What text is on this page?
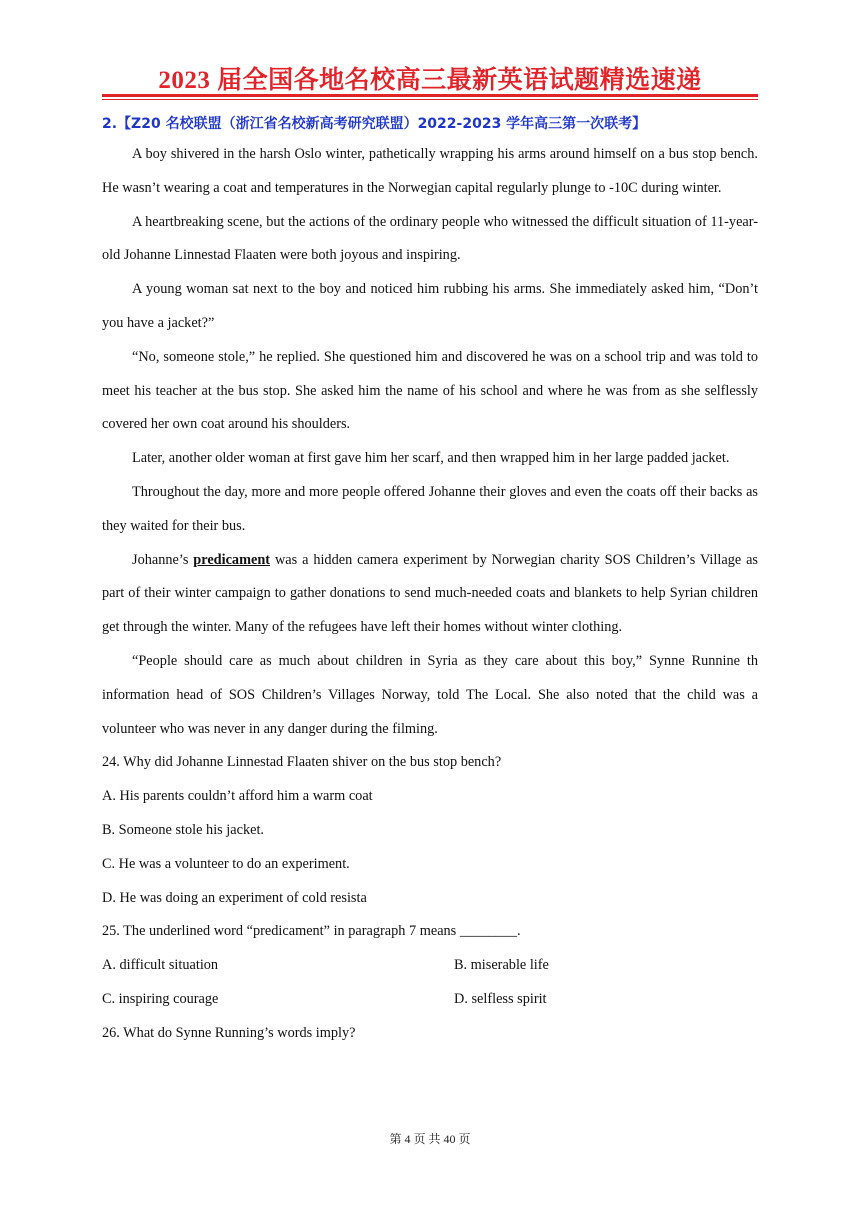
2023 届全国各地名校高三最新英语试题精选速递
2.【Z20 名校联盟（浙江省名校新高考研究联盟）2022-2023 学年高三第一次联考】

A boy shivered in the harsh Oslo winter, pathetically wrapping his arms around himself on a bus stop bench. He wasn’t wearing a coat and temperatures in the Norwegian capital regularly plunge to -10C during winter.

A heartbreaking scene, but the actions of the ordinary people who witnessed the difficult situation of 11-year-old Johanne Linnestad Flaaten were both joyous and inspiring.

A young woman sat next to the boy and noticed him rubbing his arms. She immediately asked him, “Don’t you have a jacket?”

“No, someone stole,” he replied. She questioned him and discovered he was on a school trip and was told to meet his teacher at the bus stop. She asked him the name of his school and where he was from as she selflessly covered her own coat around his shoulders.

Later, another older woman at first gave him her scarf, and then wrapped him in her large padded jacket.

Throughout the day, more and more people offered Johanne their gloves and even the coats off their backs as they waited for their bus.

Johanne’s predicament was a hidden camera experiment by Norwegian charity SOS Children’s Village as part of their winter campaign to gather donations to send much-needed coats and blankets to help Syrian children get through the winter. Many of the refugees have left their homes without winter clothing.

“People should care as much about children in Syria as they care about this boy,” Synne Runnine th information head of SOS Children’s Villages Norway, told The Local. She also noted that the child was a volunteer who was never in any danger during the filming.

24. Why did Johanne Linnestad Flaaten shiver on the bus stop bench?

A. His parents couldn’t afford him a warm coat

B. Someone stole his jacket.

C. He was a volunteer to do an experiment.

D. He was doing an experiment of cold resista

25. The underlined word “predicament” in paragraph 7 means ________.

A. difficult situation	B. miserable life
C. inspiring courage	D. selfless spirit

26. What do Synne Running’s words imply?

第 4 页 共 40 页
